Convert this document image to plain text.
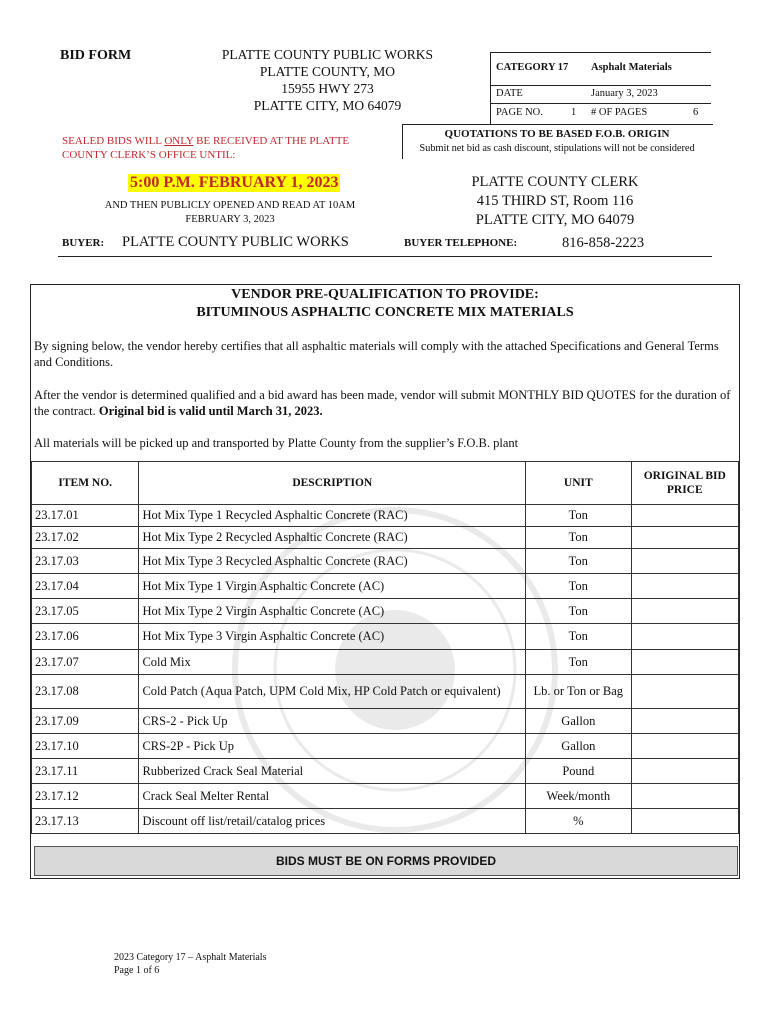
BID FORM	PLATTE COUNTY PUBLIC WORKS
PLATTE COUNTY, MO
15955 HWY 273
PLATTE CITY, MO 64079
CATEGORY 17 Asphalt Materials
DATE	January 3, 2023
PAGE NO.	1 # OF PAGES	6
SEALED BIDS WILL ONLY BE RECEIVED AT THE PLATTE COUNTY CLERK’S OFFICE UNTIL:
QUOTATIONS TO BE BASED F.O.B. ORIGIN
Submit net bid as cash discount, stipulations will not be considered
5:00 P.M. FEBRUARY 1, 2023
AND THEN PUBLICLY OPENED AND READ AT 10AM FEBRUARY 3, 2023
PLATTE COUNTY CLERK
415 THIRD ST, Room 116
PLATTE CITY, MO 64079
BUYER: PLATTE COUNTY PUBLIC WORKS	BUYER TELEPHONE:	816-858-2223
VENDOR PRE-QUALIFICATION TO PROVIDE:
BITUMINOUS ASPHALTIC CONCRETE MIX MATERIALS
By signing below, the vendor hereby certifies that all asphaltic materials will comply with the attached Specifications and General Terms and Conditions.
After the vendor is determined qualified and a bid award has been made, vendor will submit MONTHLY BID QUOTES for the duration of the contract. Original bid is valid until March 31, 2023.
All materials will be picked up and transported by Platte County from the supplier’s F.O.B. plant
ITEM NO.	DESCRIPTION	UNIT	ORIGINAL BID PRICE
23.17.01	Hot Mix Type 1 Recycled Asphaltic Concrete (RAC)	Ton	
23.17.02	Hot Mix Type 2 Recycled Asphaltic Concrete (RAC)	Ton	
23.17.03	Hot Mix Type 3 Recycled Asphaltic Concrete (RAC)	Ton	
23.17.04	Hot Mix Type 1 Virgin Asphaltic Concrete (AC)	Ton	
23.17.05	Hot Mix Type 2 Virgin Asphaltic Concrete (AC)	Ton	
23.17.06	Hot Mix Type 3 Virgin Asphaltic Concrete (AC)	Ton	
23.17.07	Cold Mix	Ton	
23.17.08	Cold Patch (Aqua Patch, UPM Cold Mix, HP Cold Patch or equivalent)	Lb. or Ton or Bag	
23.17.09	CRS-2 - Pick Up	Gallon	
23.17.10	CRS-2P - Pick Up	Gallon	
23.17.11	Rubberized Crack Seal Material	Pound	
23.17.12	Crack Seal Melter Rental	Week/month	
23.17.13	Discount off list/retail/catalog prices	%	
BIDS MUST BE ON FORMS PROVIDED
2023 Category 17 – Asphalt Materials
Page 1 of 6
